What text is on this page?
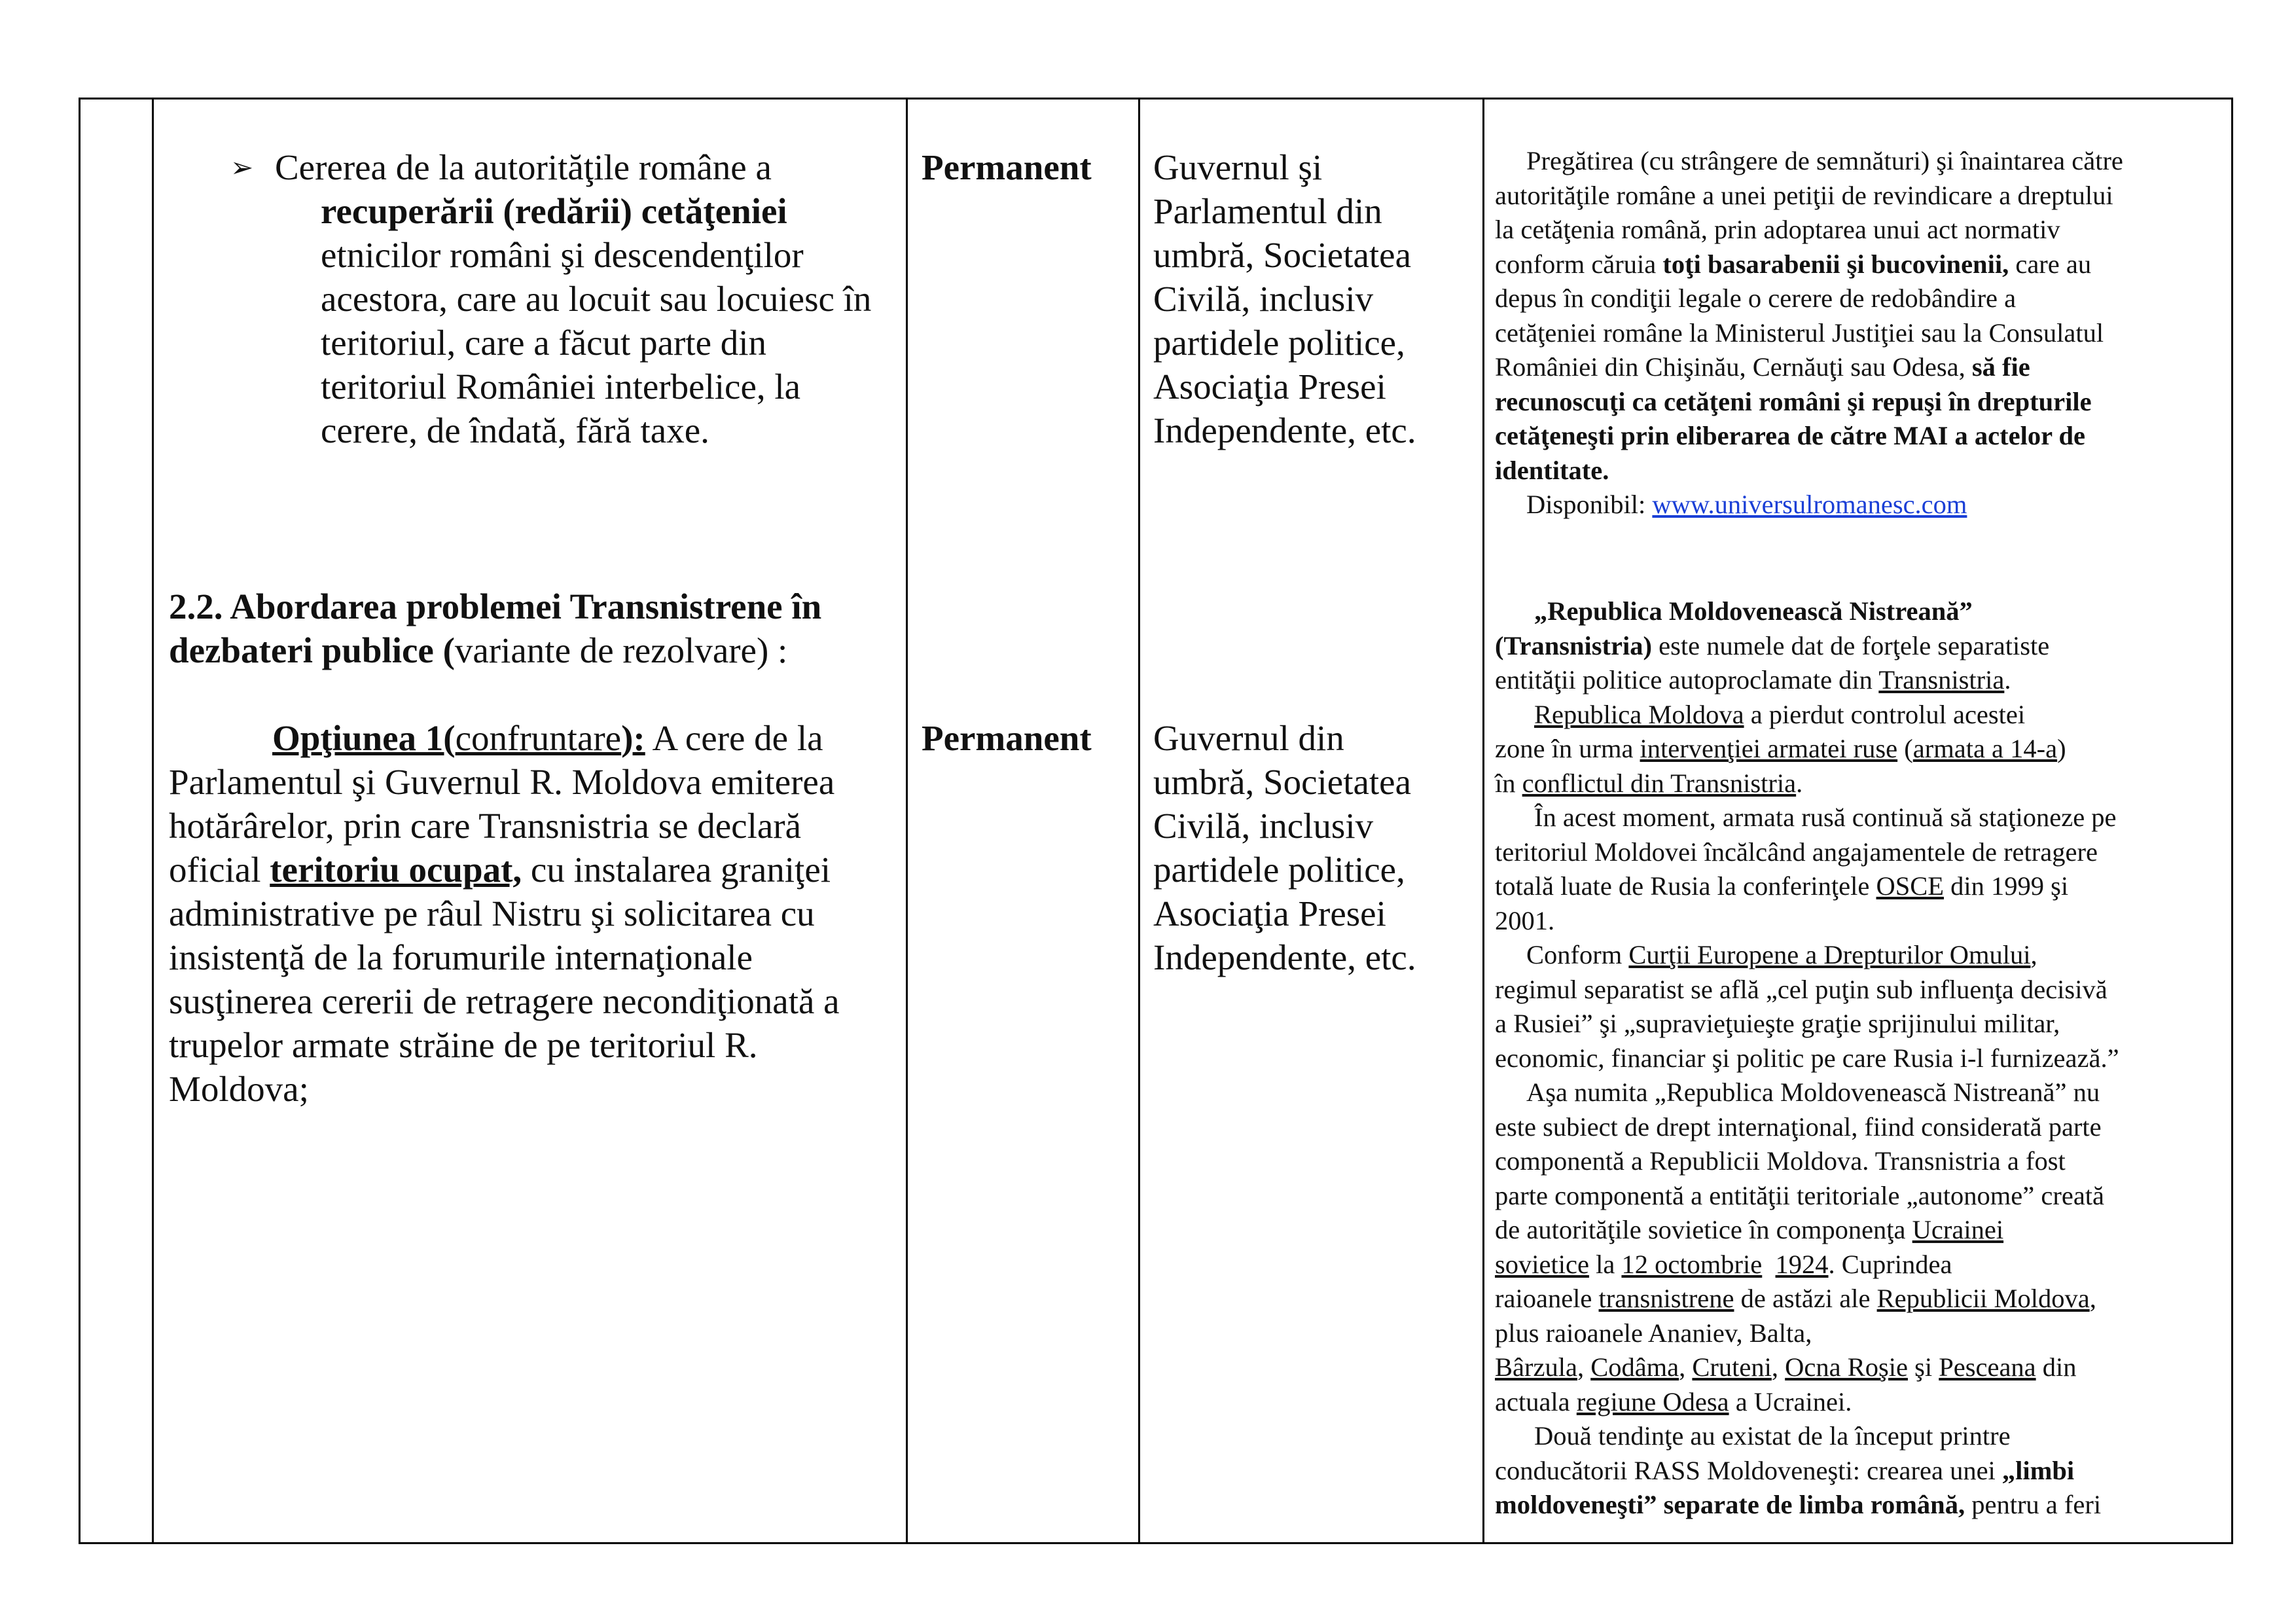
➢ Cererea de la autorităţile române a recuperării (redării) cetăţeniei etnicilor români şi descendenţilor acestora, care au locuit sau locuiesc în teritoriul, care a făcut parte din teritoriul României interbelice, la cerere, de îndată, fără taxe.
Permanent Guvernul şi
Parlamentul din
umbră, Societatea
Civilă, inclusiv
partidele politice,
Asociaţia Presei
Independente, etc.
Pregătirea (cu strângere de semnături) şi înaintarea către
autorităţile române a unei petiţii de revindicare a dreptului
la cetăţenia română, prin adoptarea unui act normativ
conform căruia toţi basarabenii şi bucovinenii, care au
depus în condiţii legale o cerere de redobândire a
cetăţeniei române la Ministerul Justiţiei sau la Consulatul
României din Chişinău, Cernăuţi sau Odesa, să fie
recunoscuţi ca cetăţeni români şi repuşi în drepturile
cetăţeneşti prin eliberarea de către MAI a actelor de
identitate.
Disponibil: www.universulromanesc.com
2.2. Abordarea problemei Transnistrene în
dezbateri publice (variante de rezolvare) :

Opţiunea 1(confruntare): A cere de la
Parlamentul şi Guvernul R. Moldova emiterea
hotărârelor, prin care Transnistria se declară
oficial teritoriu ocupat, cu instalarea graniţei
administrative pe râul Nistru şi solicitarea cu
insistenţă de la forumurile internaţionale
susţinerea cererii de retragere necondiţionată a
trupelor armate străine de pe teritoriul R.
Moldova;
Permanent Guvernul din
umbră, Societatea
Civilă, inclusiv
partidele politice,
Asociaţia Presei
Independente, etc.
„Republica Moldovenească Nistreană”
(Transnistria) este numele dat de forţele separatiste
entităţii politice autoproclamate din Transnistria.
Republica Moldova a pierdut controlul acestei
zone în urma intervenţiei armatei ruse (armata a 14-a)
în conflictul din Transnistria.
În acest moment, armata rusă continuă să staţioneze pe
teritoriul Moldovei încălcând angajamentele de retragere
totală luate de Rusia la conferinţele OSCE din 1999 şi
2001.
Conform Curţii Europene a Drepturilor Omului,
regimul separatist se află „cel puţin sub influenţa decisivă
a Rusiei” şi „supravieţuieşte graţie sprijinului militar,
economic, financiar şi politic pe care Rusia i-l furnizează.”
Aşa numita „Republica Moldovenească Nistreană” nu
este subiect de drept internaţional, fiind considerată parte
componentă a Republicii Moldova. Transnistria a fost
parte componentă a entităţii teritoriale „autonome” creată
de autorităţile sovietice în componenţa Ucrainei
sovietice la 12 octombrie 1924. Cuprindea
raioanele transnistrene de astăzi ale Republicii Moldova,
plus raioanele Ananiev, Balta,
Bârzula, Codâma, Cruteni, Ocna Roşie şi Pesceana din
actuala regiune Odesa a Ucrainei.
Două tendinţe au existat de la început printre
conducătorii RASS Moldoveneşti: crearea unei „limbi
moldoveneşti” separate de limba română, pentru a feri
